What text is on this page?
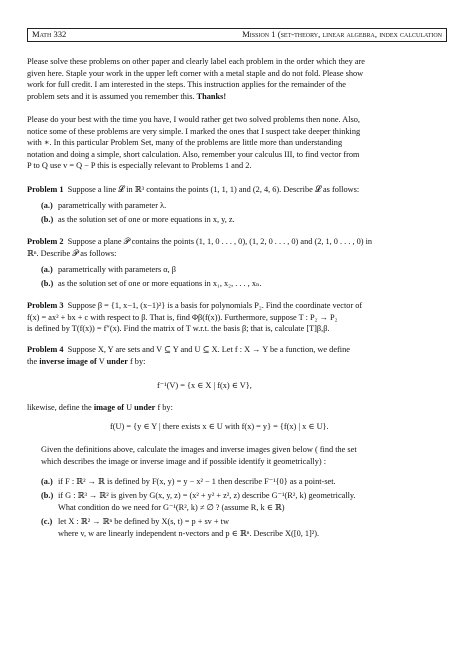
Math 332	Mission 1 (set-theory, linear algebra, index calculation
Please solve these problems on other paper and clearly label each problem in the order which they are
given here. Staple your work in the upper left corner with a metal staple and do not fold. Please show
work for full credit. I am interested in the steps. This instruction applies for the remainder of the
problem sets and it is assumed you remember this. Thanks!
Please do your best with the time you have, I would rather get two solved problems then none. Also,
notice some of these problems are very simple. I marked the ones that I suspect take deeper thinking
with ∗. In this particular Problem Set, many of the problems are little more than understanding
notation and doing a simple, short calculation. Also, remember your calculus III, to find vector from
P to Q use v = Q − P this is especially relevant to Problems 1 and 2.
Problem 1 Suppose a line 𝓛 in ℝ³ contains the points (1, 1, 1) and (2, 4, 6). Describe 𝓛 as follows:
(a.) parametrically with parameter λ.
(b.) as the solution set of one or more equations in x, y, z.
Problem 2 Suppose a plane 𝒫 contains the points (1, 1, 0 . . . , 0), (1, 2, 0 . . . , 0) and (2, 1, 0 . . . , 0) in
ℝⁿ. Describe 𝒫 as follows:
(a.) parametrically with parameters α, β
(b.) as the solution set of one or more equations in x₁, x₂, . . . , xₙ.
Problem 3 Suppose β = {1, x−1, (x−1)²} is a basis for polynomials P₂. Find the coordinate vector of
f(x) = ax² + bx + c with respect to β. That is, find Φβ(f(x)). Furthermore, suppose T : P₂ → P₂
is defined by T(f(x)) = f″(x). Find the matrix of T w.r.t. the basis β; that is, calculate [T]β,β.
Problem 4 Suppose X, Y are sets and V ⊆ Y and U ⊆ X. Let f : X → Y be a function, we define
the inverse image of V under f by:
f⁻¹(V) = {x ∈ X | f(x) ∈ V},
likewise, define the image of U under f by:
f(U) = {y ∈ Y | there exists x ∈ U with f(x) = y} = {f(x) | x ∈ U}.
Given the definitions above, calculate the images and inverse images given below ( find the set
which describes the image or inverse image and if possible identify it geometrically) :
(a.) if F : ℝ² → ℝ is defined by F(x, y) = y − x² − 1 then describe F⁻¹{0} as a point-set.
(b.) if G : ℝ³ → ℝ² is given by G(x, y, z) = (x² + y² + z², z) describe G⁻¹(R², k) geometrically.
What condition do we need for G⁻¹(R², k) ≠ ∅ ? (assume R, k ∈ ℝ)
(c.) let X : ℝ² → ℝⁿ be defined by X(s, t) = p + sv + tw
where v, w are linearly independent n-vectors and p ∈ ℝⁿ. Describe X([0, 1]²).
